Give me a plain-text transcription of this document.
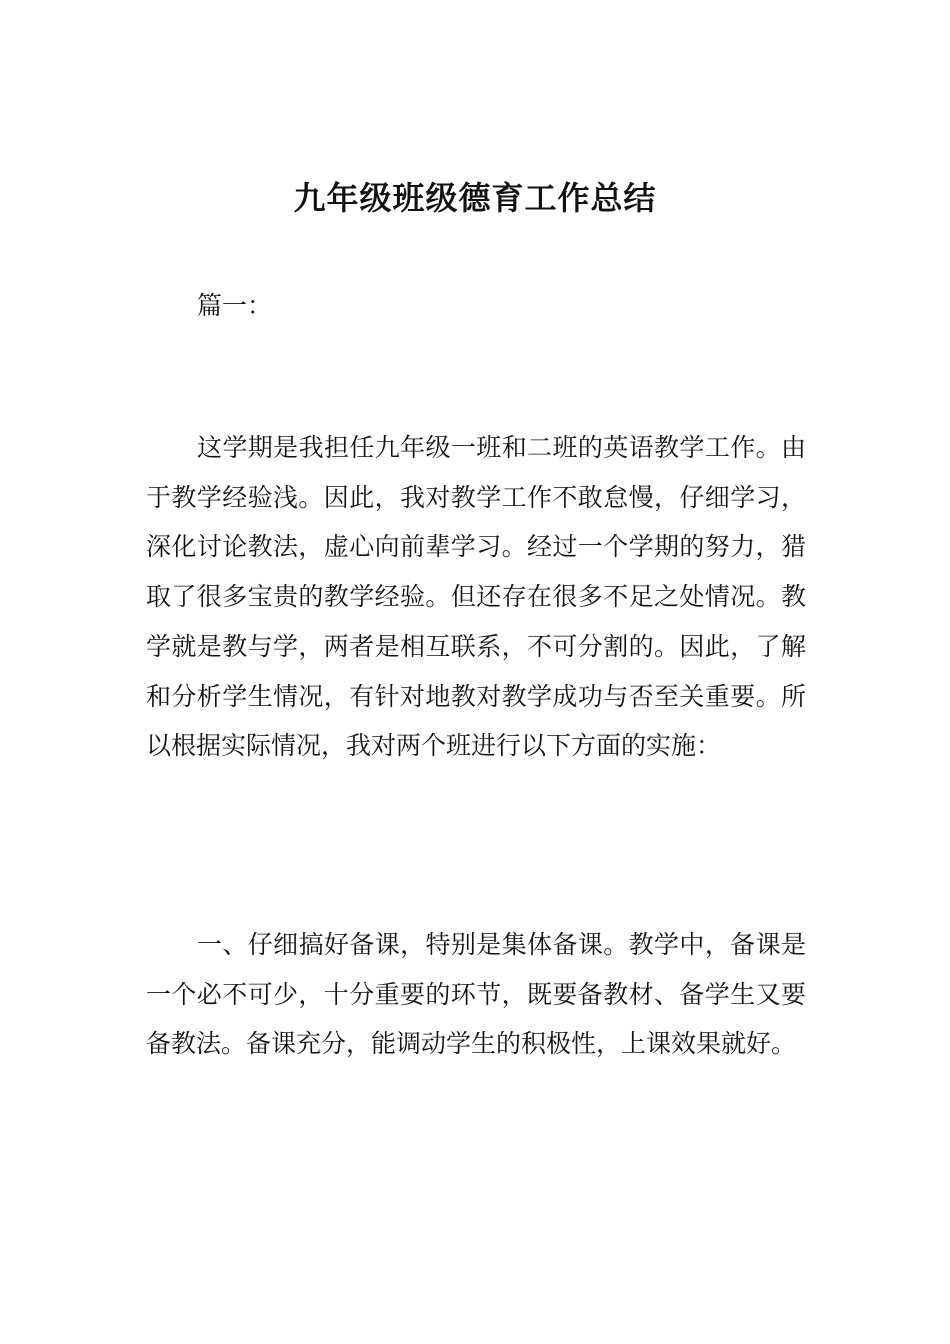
九年级班级德育工作总结

篇一：

这学期是我担任九年级一班和二班的英语教学工作。由于教学经验浅。因此，我对教学工作不敢怠慢，仔细学习，深化讨论教法，虚心向前辈学习。经过一个学期的努力，猎取了很多宝贵的教学经验。但还存在很多不足之处情况。教学就是教与学，两者是相互联系，不可分割的。因此，了解和分析学生情况，有针对地教对教学成功与否至关重要。所以根据实际情况，我对两个班进行以下方面的实施：

一、仔细搞好备课，特别是集体备课。教学中，备课是一个必不可少，十分重要的环节，既要备教材、备学生又要备教法。备课充分，能调动学生的积极性，上课效果就好。
